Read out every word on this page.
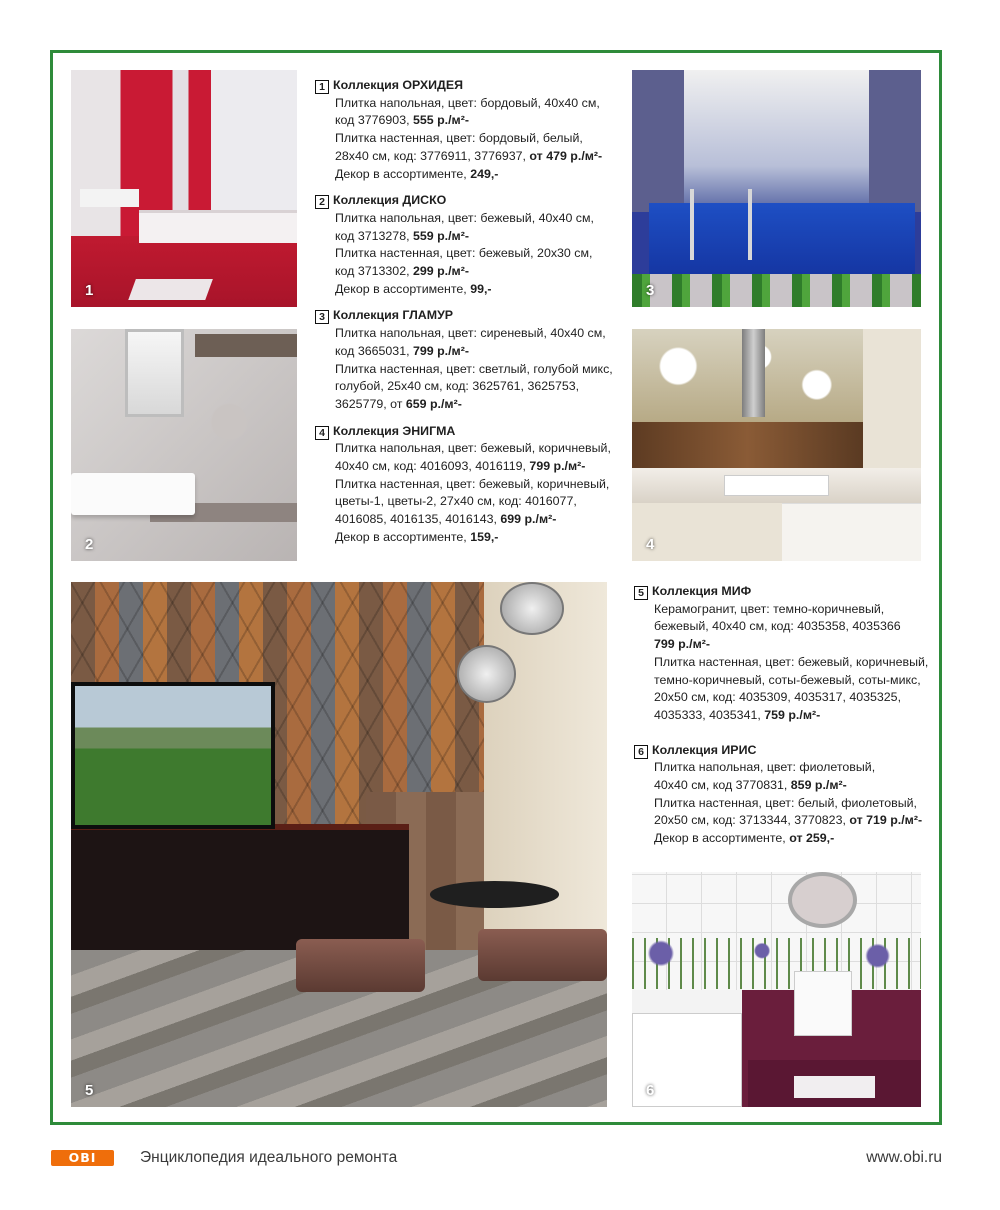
1
2
3
4
5	6
1 Коллекция ОРХИДЕЯ
Плитка напольная, цвет: бордовый, 40x40 см,
код 3776903, 555 р./м²-
Плитка настенная, цвет: бордовый, белый,
28x40 см, код: 3776911, 3776937, от 479 р./м²-
Декор в ассортименте, 249,-
2 Коллекция ДИСКО
Плитка напольная, цвет: бежевый, 40x40 см,
код 3713278, 559 р./м²-
Плитка настенная, цвет: бежевый, 20x30 см,
код 3713302, 299 р./м²-
Декор в ассортименте, 99,-
3 Коллекция ГЛАМУР
Плитка напольная, цвет: сиреневый, 40x40 см,
код 3665031, 799 р./м²-
Плитка настенная, цвет: светлый, голубой микс,
голубой, 25x40 см, код: 3625761, 3625753,
3625779, от 659 р./м²-
4 Коллекция ЭНИГМА
Плитка напольная, цвет: бежевый, коричневый,
40x40 см, код: 4016093, 4016119, 799 р./м²-
Плитка настенная, цвет: бежевый, коричневый,
цветы-1, цветы-2, 27x40 см, код: 4016077,
4016085, 4016135, 4016143, 699 р./м²-
Декор в ассортименте, 159,-
5 Коллекция МИФ
Керамогранит, цвет: темно-коричневый,
бежевый, 40x40 см, код: 4035358, 4035366
799 р./м²-
Плитка настенная, цвет: бежевый, коричневый,
темно-коричневый, соты-бежевый, соты-микс,
20x50 см, код: 4035309, 4035317, 4035325,
4035333, 4035341, 759 р./м²-
6 Коллекция ИРИС
Плитка напольная, цвет: фиолетовый,
40x40 см, код 3770831, 859 р./м²-
Плитка настенная, цвет: белый, фиолетовый,
20x50 см, код: 3713344, 3770823, от 719 р./м²-
Декор в ассортименте, от 259,-
OBI	Энциклопедия идеального ремонта	www.obi.ru
